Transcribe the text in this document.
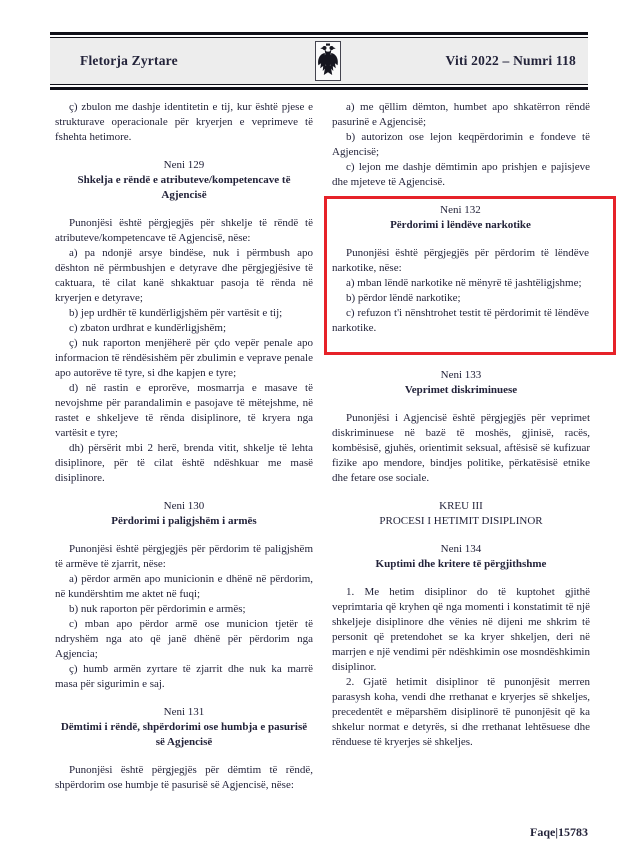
Fletorja Zyrtare	Viti 2022 – Numri 118

ç) zbulon me dashje identitetin e tij, kur është pjese e strukturave operacionale për kryerjen e veprimeve të fshehta hetimore.

Neni 129

Shkelja e rëndë e atributeve/kompetencave të Agjencisë

Punonjësi është përgjegjës për shkelje të rëndë të atributeve/kompetencave të Agjencisë, nëse:

a) pa ndonjë arsye bindëse, nuk i përmbush apo dështon në përmbushjen e detyrave dhe përgjegjësive të caktuara, të cilat kanë shkaktuar pasoja të rënda në kryerjen e detyrave;

b) jep urdhër të kundërligjshëm për vartësit e tij;

c) zbaton urdhrat e kundërligjshëm;

ç) nuk raporton menjëherë për çdo vepër penale apo informacion të rëndësishëm për zbulimin e veprave penale apo autorëve të tyre, si dhe kapjen e tyre;

d) në rastin e eprorëve, mosmarrja e masave të nevojshme për parandalimin e pasojave të mëtejshme, në rastet e shkeljeve të rënda disiplinore, të kryera nga vartësit e tyre;

dh) përsërit mbi 2 herë, brenda vitit, shkelje të lehta disiplinore, për të cilat është ndëshkuar me masë disiplinore.

Neni 130

Përdorimi i paligjshëm i armës

Punonjësi është përgjegjës për përdorim të paligjshëm të armëve të zjarrit, nëse:

a) përdor armën apo municionin e dhënë në përdorim, në kundërshtim me aktet në fuqi;

b) nuk raporton për përdorimin e armës;

c) mban apo përdor armë ose municion tjetër të ndryshëm nga ato që janë dhënë për përdorim nga Agjencia;

ç) humb armën zyrtare të zjarrit dhe nuk ka marrë masa për sigurimin e saj.

Neni 131

Dëmtimi i rëndë, shpërdorimi ose humbja e pasurisë së Agjencisë

Punonjësi është përgjegjës për dëmtim të rëndë, shpërdorim ose humbje të pasurisë së Agjencisë, nëse:

a) me qëllim dëmton, humbet apo shkatërron rëndë pasurinë e Agjencisë;

b) autorizon ose lejon keqpërdorimin e fondeve të Agjencisë;

c) lejon me dashje dëmtimin apo prishjen e pajisjeve dhe mjeteve të Agjencisë.

Neni 132

Përdorimi i lëndëve narkotike

Punonjësi është përgjegjës për përdorim të lëndëve narkotike, nëse:

a) mban lëndë narkotike në mënyrë të jashtëligjshme;

b) përdor lëndë narkotike;

c) refuzon t'i nënshtrohet testit të përdorimit të lëndëve narkotike.

Neni 133

Veprimet diskriminuese

Punonjësi i Agjencisë është përgjegjës për veprimet diskriminuese në bazë të moshës, gjinisë, racës, kombësisë, gjuhës, orientimit seksual, aftësisë së kufizuar fizike apo mendore, bindjes politike, përkatësisë etnike dhe fetare ose sociale.

KREU III

PROCESI I HETIMIT DISIPLINOR

Neni 134

Kuptimi dhe kritere të përgjithshme

1. Me hetim disiplinor do të kuptohet gjithë veprimtaria që kryhen që nga momenti i konstatimit të një shkeljeje disiplinore dhe vënies në dijeni me shkrim të personit që pretendohet se ka kryer shkeljen, deri në marrjen e një vendimi për ndëshkimin ose mosndëshkimin disiplinor.

2. Gjatë hetimit disiplinor të punonjësit merren parasysh koha, vendi dhe rrethanat e kryerjes së shkeljes, precedentët e mëparshëm disiplinorë të punonjësit që ka shkelur normat e detyrës, si dhe rrethanat lehtësuese dhe rënduese të kryerjes së shkeljes.

Faqe|15783
